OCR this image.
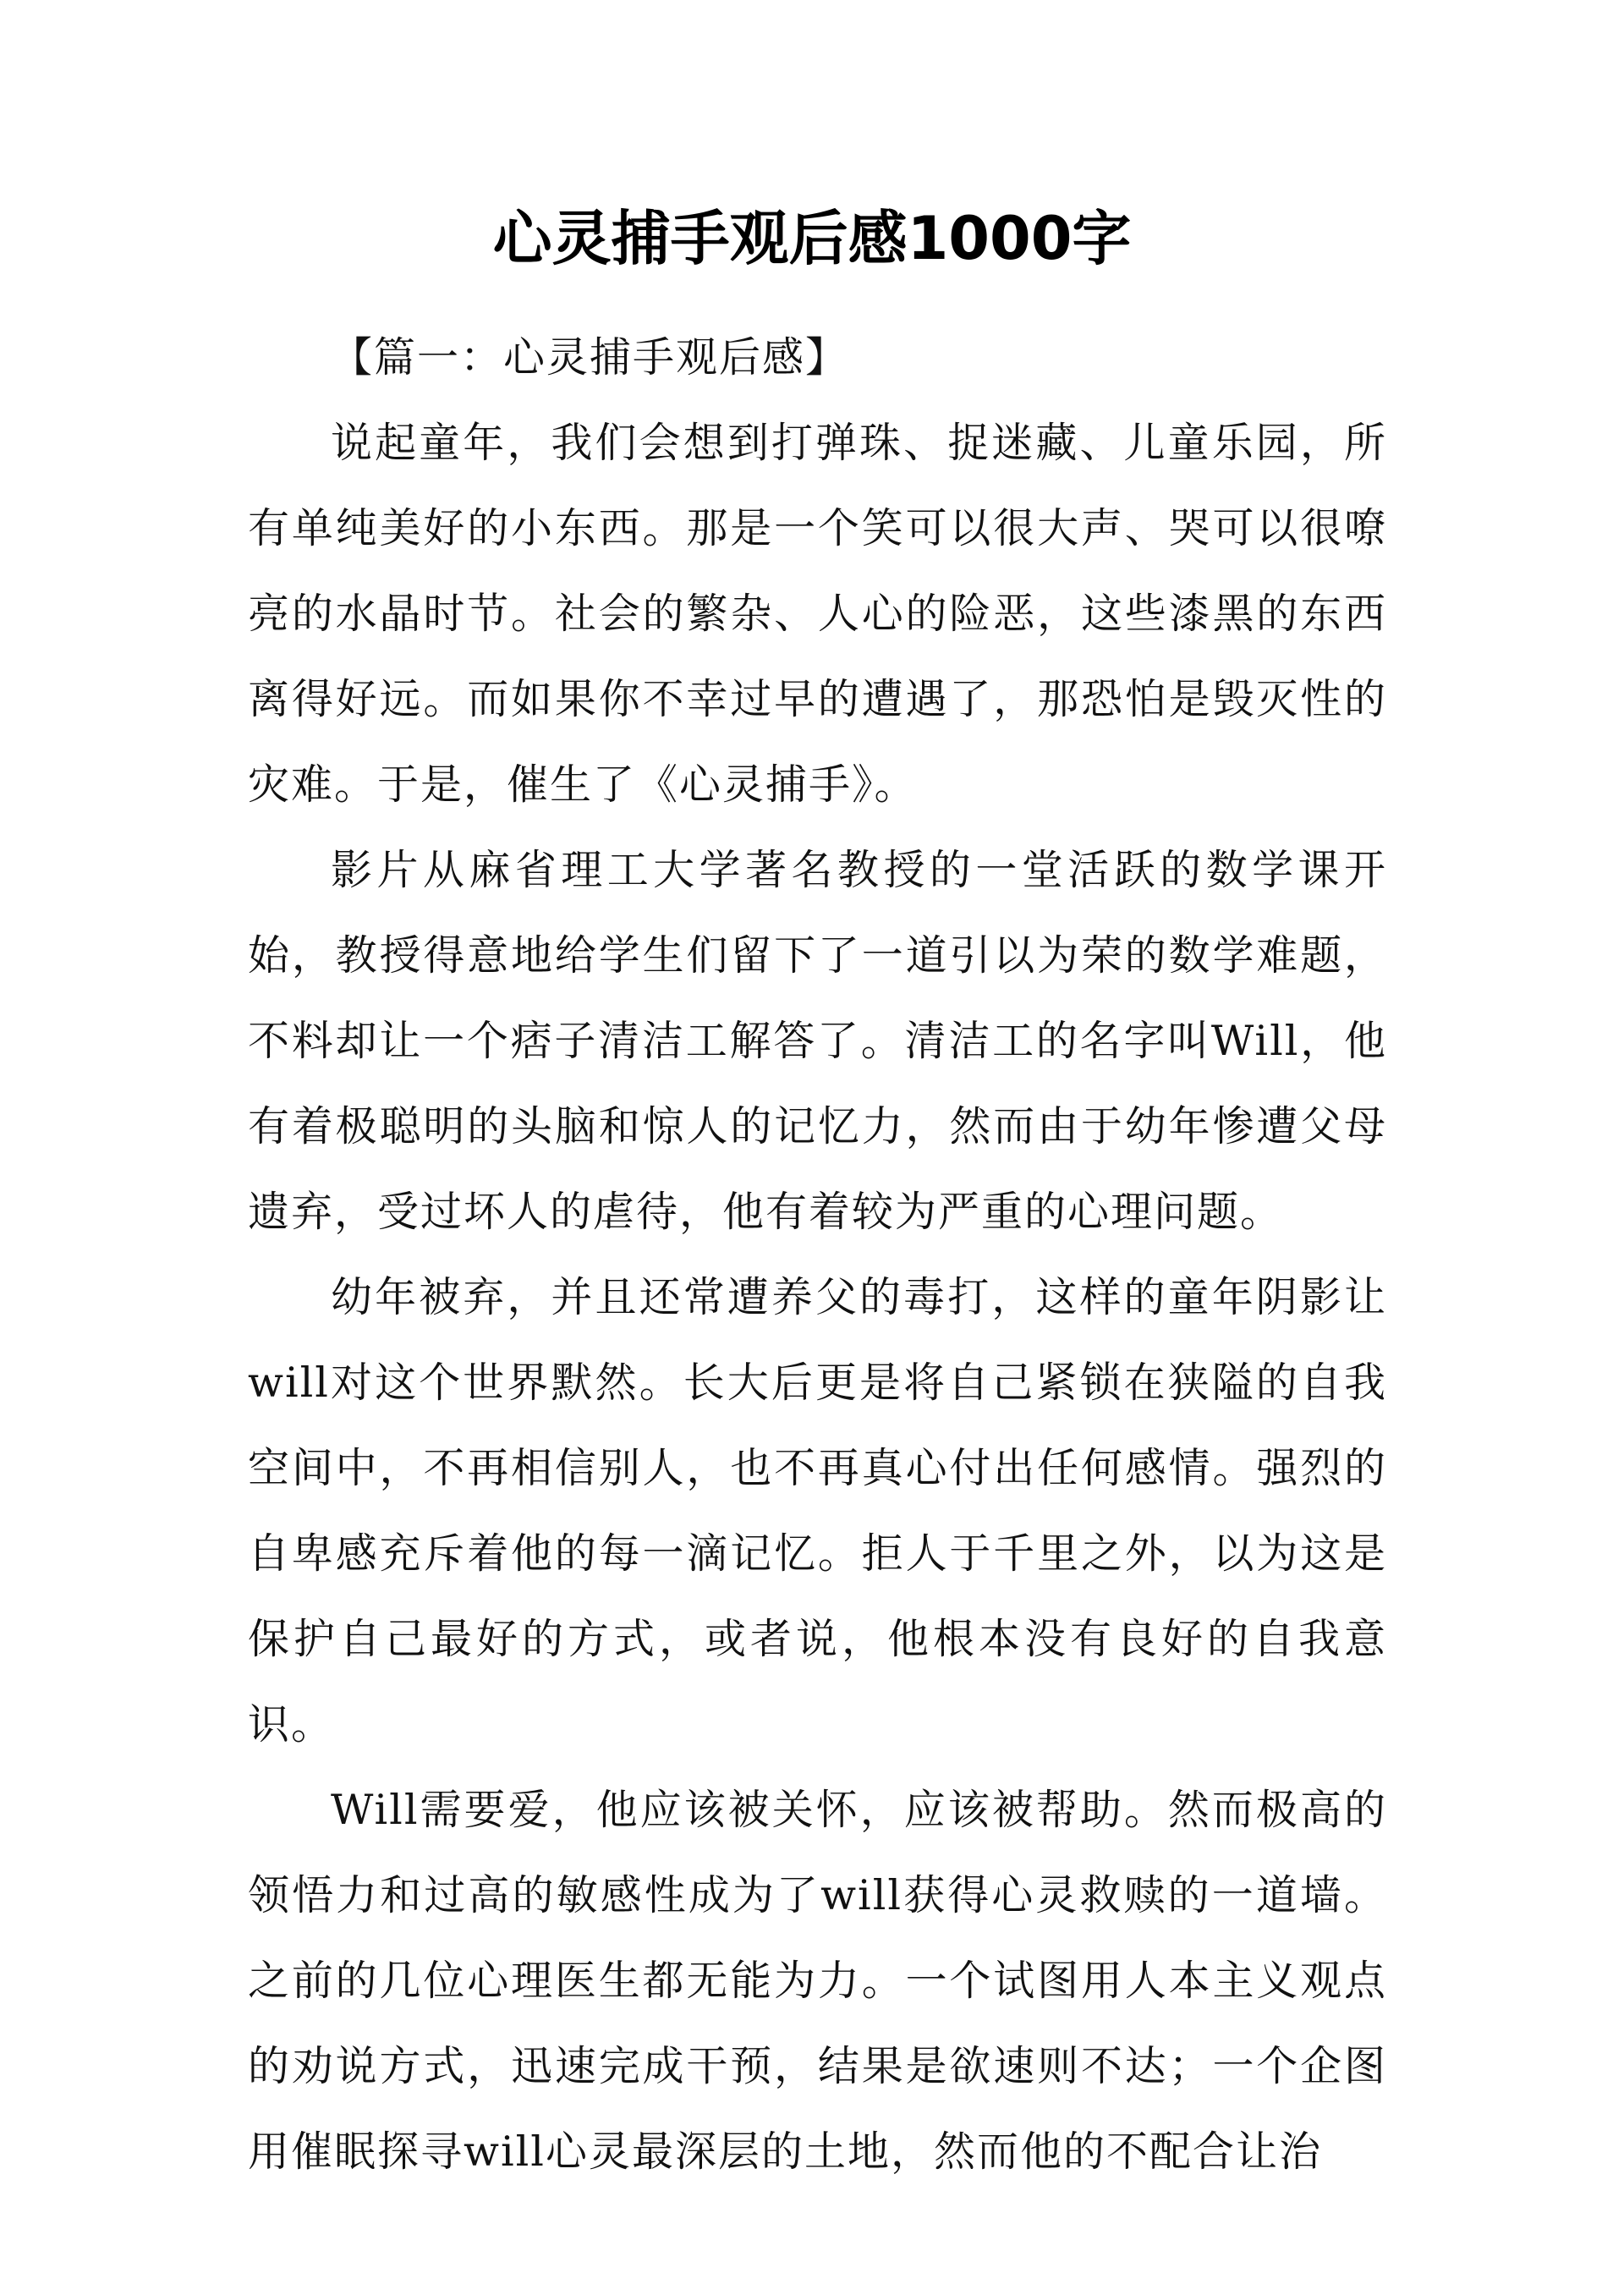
心灵捕手观后感1000字

【篇一：心灵捕手观后感】

说起童年，我们会想到打弹珠、捉迷藏、儿童乐园，所有单纯美好的小东西。那是一个笑可以很大声、哭可以很嘹亮的水晶时节。社会的繁杂、人心的险恶，这些漆黑的东西离得好远。而如果你不幸过早的遭遇了，那恐怕是毁灭性的灾难。于是，催生了《心灵捕手》。

影片从麻省理工大学著名教授的一堂活跃的数学课开始，教授得意地给学生们留下了一道引以为荣的数学难题，不料却让一个痞子清洁工解答了。清洁工的名字叫Will，他有着极聪明的头脑和惊人的记忆力，然而由于幼年惨遭父母遗弃，受过坏人的虐待，他有着较为严重的心理问题。

幼年被弃，并且还常遭养父的毒打，这样的童年阴影让will对这个世界默然。长大后更是将自己紧锁在狭隘的自我空间中，不再相信别人，也不再真心付出任何感情。强烈的自卑感充斥着他的每一滴记忆。拒人于千里之外，以为这是保护自己最好的方式，或者说，他根本没有良好的自我意识。

Will需要爱，他应该被关怀，应该被帮助。然而极高的领悟力和过高的敏感性成为了will获得心灵救赎的一道墙。之前的几位心理医生都无能为力。一个试图用人本主义观点的劝说方式，迅速完成干预，结果是欲速则不达；一个企图用催眠探寻will心灵最深层的土地，然而他的不配合让治
